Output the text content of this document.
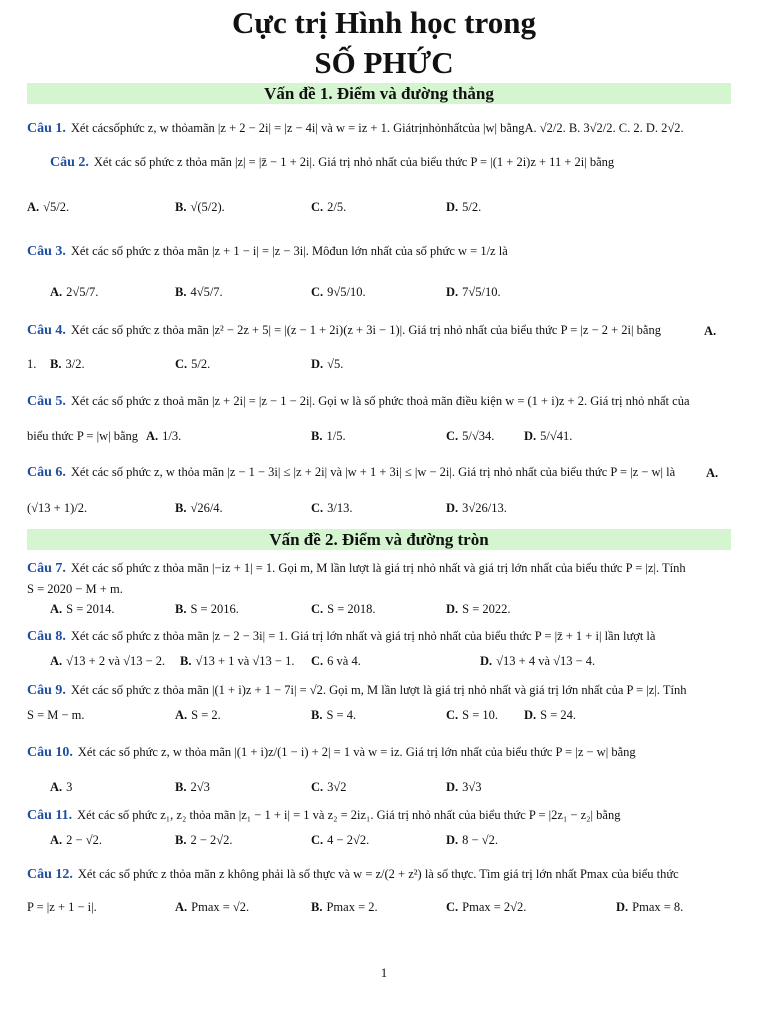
Cực trị Hình học trong
SỐ PHỨC
Vấn đề 1. Điểm và đường thẳng
Câu 1. Xét cácsốphức z, w thỏamãn |z + 2 − 2i| = |z − 4i| và w = iz + 1. Giátrịnhỏnhấtcủa |w| bằngA. √2/2. B. 3√2/2. C. 2. D. 2√2.
Câu 2. Xét các số phức z thỏa mãn |z| = |z̄ − 1 + 2i|. Giá trị nhỏ nhất của biểu thức P = |(1 + 2i)z + 11 + 2i| bằng
A. √5/2.	B. √(5/2).	C. 2/5.	D. 5/2.
Câu 3. Xét các số phức z thỏa mãn |z + 1 − i| = |z − 3i|. Môđun lớn nhất của số phức w = 1/z là
A. 2√5/7.	B. 4√5/7.	C. 9√5/10.	D. 7√5/10.
Câu 4. Xét các số phức z thỏa mãn |z² − 2z + 5| = |(z − 1 + 2i)(z + 3i − 1)|. Giá trị nhỏ nhất của biểu thức P = |z − 2 + 2i| bằng	A.
1. B. 3/2.	C. 5/2.	D. √5.
Câu 5. Xét các số phức z thoả mãn |z + 2i| = |z − 1 − 2i|. Gọi w là số phức thoả mãn điều kiện w = (1 + i)z + 2. Giá trị nhỏ nhất của
biểu thức P = |w| bằng A. 1/3.	B. 1/5.	C. 5/√34. D. 5/√41.
Câu 6. Xét các số phức z, w thỏa mãn |z − 1 − 3i| ≤ |z + 2i| và |w + 1 + 3i| ≤ |w − 2i|. Giá trị nhỏ nhất của biểu thức P = |z − w| là A.
(√13 + 1)/2.	B. √26/4.	C. 3/13.	D. 3√26/13.
Vấn đề 2. Điểm và đường tròn
Câu 7. Xét các số phức z thỏa mãn |−iz + 1| = 1. Gọi m, M lần lượt là giá trị nhỏ nhất và giá trị lớn nhất của biểu thức P = |z|. Tính
S = 2020 − M + m.
A. S = 2014.	B. S = 2016.	C. S = 2018.	D. S = 2022.
Câu 8. Xét các số phức z thỏa mãn |z − 2 − 3i| = 1. Giá trị lớn nhất và giá trị nhỏ nhất của biểu thức P = |z̄ + 1 + i| lần lượt là
A. √13 + 2 và √13 − 2. B. √13 + 1 và √13 − 1. C. 6 và 4.	D. √13 + 4 và √13 − 4.
Câu 9. Xét các số phức z thỏa mãn |(1 + i)z + 1 − 7i| = √2. Gọi m, M lần lượt là giá trị nhỏ nhất và giá trị lớn nhất của P = |z|. Tính
S = M − m.	A. S = 2.	B. S = 4.	C. S = 10. D. S = 24.
Câu 10. Xét các số phức z, w thỏa mãn |(1 + i)z/(1 − i) + 2| = 1 và w = iz. Giá trị lớn nhất của biểu thức P = |z − w| bằng
A. 3	B. 2√3	C. 3√2	D. 3√3
Câu 11. Xét các số phức z₁, z₂ thỏa mãn |z₁ − 1 + i| = 1 và z₂ = 2iz₁. Giá trị nhỏ nhất của biểu thức P = |2z₁ − z₂| bằng
A. 2 − √2.	B. 2 − 2√2.	C. 4 − 2√2.	D. 8 − √2.
Câu 12. Xét các số phức z thỏa mãn z không phải là số thực và w = z/(2 + z²) là số thực. Tìm giá trị lớn nhất Pmax của biểu thức
P = |z + 1 − i|.	A. Pmax = √2.	B. Pmax = 2.	C. Pmax = 2√2.	D. Pmax = 8.
1
